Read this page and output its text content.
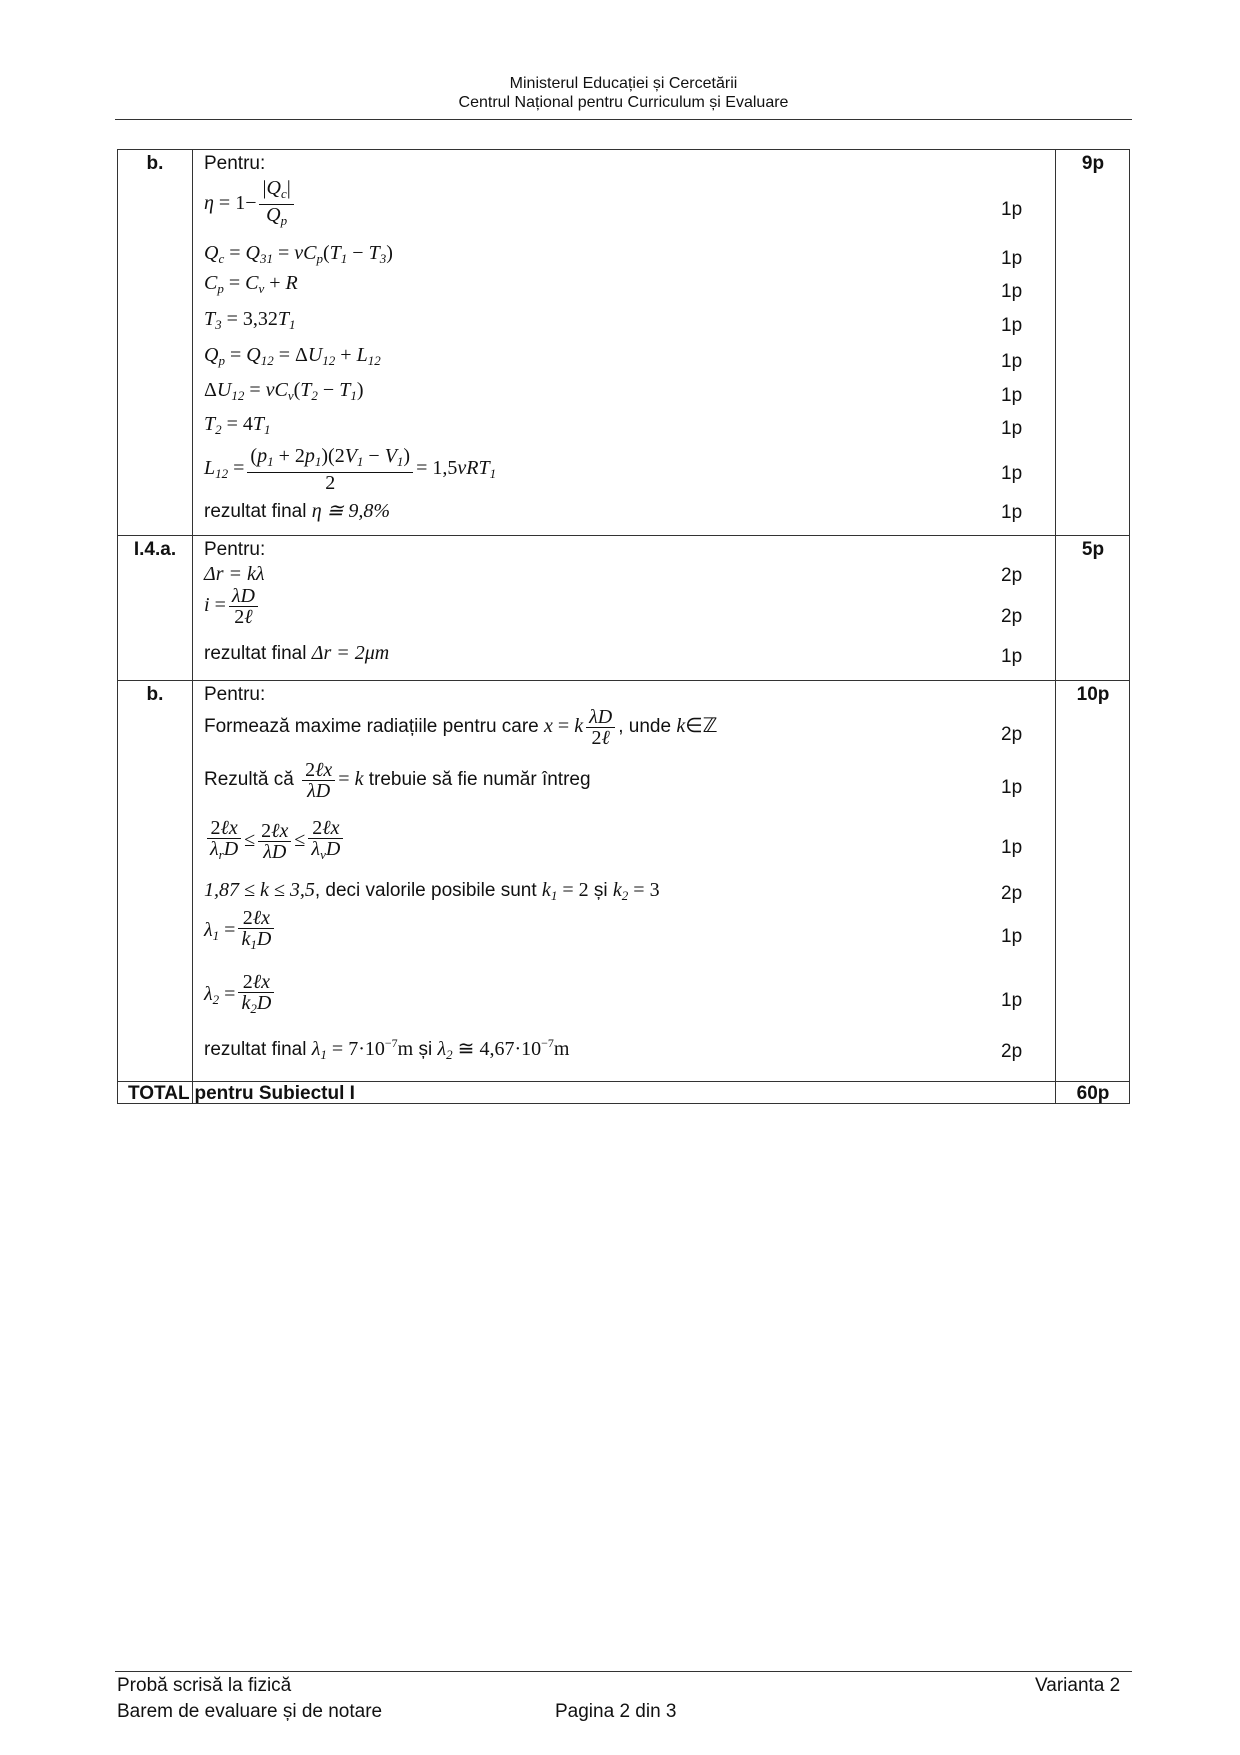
Ministerul Educației și Cercetării
Centrul Național pentru Curriculum și Evaluare
b.	9p
Pentru:
$\eta = 1- \frac{|Q_c|}{Q_p}$	1p
$Q_c = Q_{31} = \nu C_p(T_1 - T_3)$	1p
$C_p = C_v + R$	1p
$T_3 = 3,32T_1$	1p
$Q_p = Q_{12} = \Delta U_{12} + L_{12}$	1p
$\Delta U_{12} = \nu C_v(T_2 - T_1)$	1p
$T_2 = 4T_1$	1p
$L_{12} = \frac{(p_1 + 2p_1)(2V_1 - V_1)}{2} = 1,5\nu RT_1$	1p
rezultat final η ≅ 9,8%	1p
I.4.a.	5p
Pentru:
Δr = kλ	2p
$i = \frac{\lambda D}{\text{2ℓ}}$	2p
rezultat final Δr = 2μm	1p
b.	10p
Pentru:
Formează maxime radiațiile pentru care x = k $\frac{\lambda D}{\text{2ℓ}}$ , unde k∈ℤ	2p
Rezultă că $\frac{\text{2ℓx}}{\lambda D} = k$ trebuie să fie număr întreg	1p
$\frac{\text{2ℓx}}{\lambda_rD} \le \frac{\text{2ℓx}}{\lambda D} \le \frac{\text{2ℓx}}{\lambda_vD}$	1p
1,87 ≤ k ≤ 3,5, deci valorile posibile sunt $k_1 = 2$ și $k_2 = 3$	2p
$\lambda_1 = \frac{\text{2ℓx}}{k_1D}$	1p
$\lambda_2 = \frac{\text{2ℓx}}{k_2D}$	1p
rezultat final $\lambda_1 = 7\cdot 10^{-7}m$ și $\lambda_2$ ≅ $4,67\cdot 10^{-7}m$	2p
TOTAL pentru Subiectul I	60p
Probă scrisă la fizică
Barem de evaluare și de notare	Pagina 2 din 3
Varianta 2
